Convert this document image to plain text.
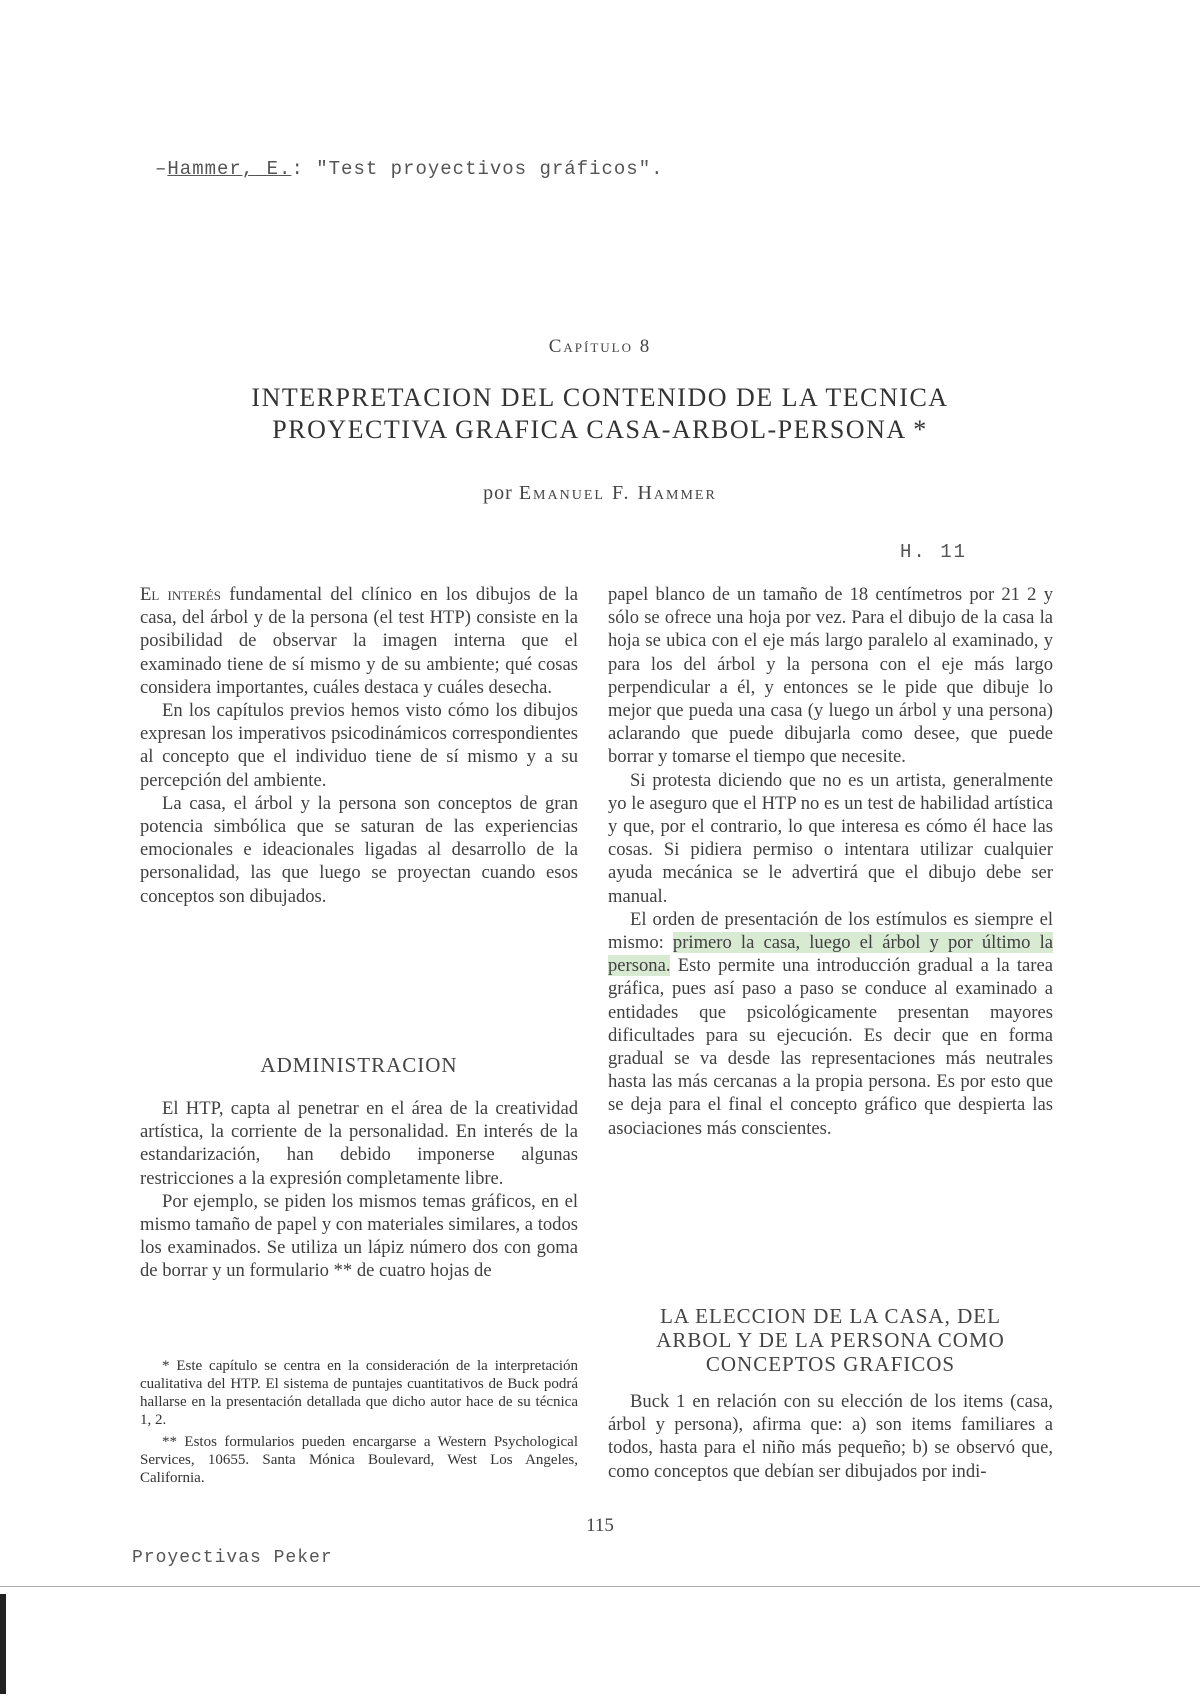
–Hammer, E.: "Test proyectivos gráficos".
Capítulo 8
INTERPRETACION DEL CONTENIDO DE LA TECNICA
PROYECTIVA GRAFICA CASA-ARBOL-PERSONA *
por Emanuel F. Hammer
H. 11

El interés fundamental del clínico en los dibujos de la casa, del árbol y de la persona (el test HTP) consiste en la posibilidad de observar la imagen interna que el examinado tiene de sí mismo y de su ambiente; qué cosas considera importantes, cuáles destaca y cuáles desecha.

En los capítulos previos hemos visto cómo los dibujos expresan los imperativos psicodinámicos correspondientes al concepto que el individuo tiene de sí mismo y a su percepción del ambiente.

La casa, el árbol y la persona son conceptos de gran potencia simbólica que se saturan de las experiencias emocionales e ideacionales ligadas al desarrollo de la personalidad, las que luego se proyectan cuando esos conceptos son dibujados.

ADMINISTRACION

El HTP, capta al penetrar en el área de la creatividad artística, la corriente de la personalidad. En interés de la estandarización, han debido imponerse algunas restricciones a la expresión completamente libre.

Por ejemplo, se piden los mismos temas gráficos, en el mismo tamaño de papel y con materiales similares, a todos los examinados. Se utiliza un lápiz número dos con goma de borrar y un formulario ** de cuatro hojas de

* Este capítulo se centra en la consideración de la interpretación cualitativa del HTP. El sistema de puntajes cuantitativos de Buck podrá hallarse en la presentación detallada que dicho autor hace de su técnica 1, 2.

** Estos formularios pueden encargarse a Western Psychological Services, 10655. Santa Mónica Boulevard, West Los Angeles, California.

papel blanco de un tamaño de 18 centímetros por 21 2 y sólo se ofrece una hoja por vez. Para el dibujo de la casa la hoja se ubica con el eje más largo paralelo al examinado, y para los del árbol y la persona con el eje más largo perpendicular a él, y entonces se le pide que dibuje lo mejor que pueda una casa (y luego un árbol y una persona) aclarando que puede dibujarla como desee, que puede borrar y tomarse el tiempo que necesite.

Si protesta diciendo que no es un artista, generalmente yo le aseguro que el HTP no es un test de habilidad artística y que, por el contrario, lo que interesa es cómo él hace las cosas. Si pidiera permiso o intentara utilizar cualquier ayuda mecánica se le advertirá que el dibujo debe ser manual.

El orden de presentación de los estímulos es siempre el mismo: primero la casa, luego el árbol y por último la persona. Esto permite una introducción gradual a la tarea gráfica, pues así paso a paso se conduce al examinado a entidades que psicológicamente presentan mayores dificultades para su ejecución. Es decir que en forma gradual se va desde las representaciones más neutrales hasta las más cercanas a la propia persona. Es por esto que se deja para el final el concepto gráfico que despierta las asociaciones más conscientes.

LA ELECCION DE LA CASA, DEL
ARBOL Y DE LA PERSONA COMO
CONCEPTOS GRAFICOS

Buck 1 en relación con su elección de los items (casa, árbol y persona), afirma que: a) son items familiares a todos, hasta para el niño más pequeño; b) se observó que, como conceptos que debían ser dibujados por indi-

115
Proyectivas Peker
